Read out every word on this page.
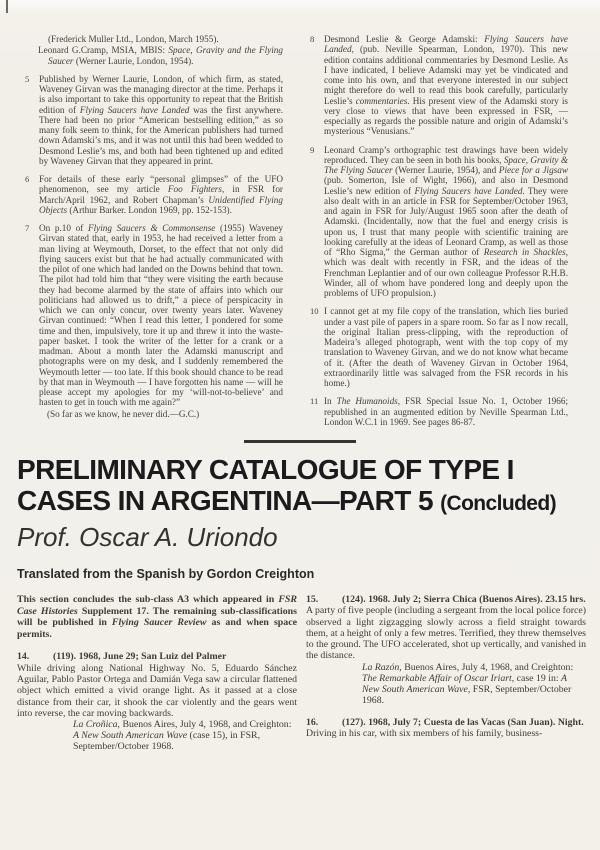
(Frederick Muller Ltd., London, March 1955).

Leonard G.Cramp, MSIA, MBIS: Space, Gravity and the Flying Saucer (Werner Laurie, London, 1954).

5 Published by Werner Laurie, London, of which firm, as stated, Waveney Girvan was the managing director at the time. Perhaps it is also important to take this opportunity to repeat that the British edition of Flying Saucers have Landed was the first anywhere. There had been no prior “American bestselling edition,” as so many folk seem to think, for the American publishers had turned down Adamski’s ms, and it was not until this had been wedded to Desmond Leslie’s ms, and both had been tightened up and edited by Waveney Girvan that they appeared in print.

6 For details of these early “personal glimpses” of the UFO phenomenon, see my article Foo Fighters, in FSR for March/April 1962, and Robert Chapman’s Unidentified Flying Objects (Arthur Barker. London 1969, pp. 152-153).

7 On p.10 of Flying Saucers & Commonsense (1955) Waveney Girvan stated that, early in 1953, he had received a letter from a man living at Weymouth, Dorset, to the effect that not only did flying saucers exist but that he had actually communicated with the pilot of one which had landed on the Downs behind that town. The pilot had told him that “they were visiting the earth because they had become alarmed by the state of affairs into which our politicians had allowed us to drift,” a piece of perspicacity in which we can only concur, over twenty years later. Waveney Girvan continued: “When I read this letter, I pondered for some time and then, impulsively, tore it up and threw it into the waste-paper basket. I took the writer of the letter for a crank or a madman. About a month later the Adamski manuscript and photographs were on my desk, and I suddenly remembered the Weymouth letter — too late. If this book should chance to be read by that man in Weymouth — I have forgotten his name — will he please accept my apologies for my ‘will-not-to-believe’ and hasten to get in touch with me again?”

(So far as we know, he never did.—G.C.)

8 Desmond Leslie & George Adamski: Flying Saucers have Landed, (pub. Neville Spearman, London, 1970). This new edition contains additional commentaries by Desmond Leslie. As I have indicated, I believe Adamski may yet be vindicated and come into his own, and that everyone interested in our subject might therefore do well to read this book carefully, particularly Leslie’s commentaries. His present view of the Adamski story is very close to views that have been expressed in FSR, — especially as regards the possible nature and origin of Adamski’s mysterious “Venusians.”

9 Leonard Cramp’s orthographic test drawings have been widely reproduced. They can be seen in both his books, Space, Gravity & The Flying Saucer (Werner Laurie, 1954), and Piece for a Jigsaw (pub. Somerton, Isle of Wight, 1966), and also in Desmond Leslie’s new edition of Flying Saucers have Landed. They were also dealt with in an article in FSR for September/October 1963, and again in FSR for July/August 1965 soon after the death of Adamski. (Incidentally, now that the fuel and energy crisis is upon us, I trust that many people with scientific training are looking carefully at the ideas of Leonard Cramp, as well as those of “Rho Sigma,” the German author of Research in Shackles, which was dealt with recently in FSR, and the ideas of the Frenchman Leplantier and of our own colleague Professor R.H.B. Winder, all of whom have pondered long and deeply upon the problems of UFO propulsion.)

10 I cannot get at my file copy of the translation, which lies buried under a vast pile of papers in a spare room. So far as I now recall, the original Italian press-clipping, with the reproduction of Madeira’s alleged photograph, went with the top copy of my translation to Waveney Girvan, and we do not know what became of it. (After the death of Waveney Girvan in October 1964, extraordinarily little was salvaged from the FSR records in his home.)

11 In The Humanoids, FSR Special Issue No. 1, October 1966; republished in an augmented edition by Neville Spearman Ltd., London W.C.1 in 1969. See pages 86-87.

PRELIMINARY CATALOGUE OF TYPE I
CASES IN ARGENTINA—PART 5 (Concluded)
Prof. Oscar A. Uriondo
Translated from the Spanish by Gordon Creighton

This section concludes the sub-class A3 which appeared in FSR Case Histories Supplement 17. The remaining sub-classifications will be published in Flying Saucer Review as and when space permits.

14. (119). 1968, June 29; San Luiz del Palmer

While driving along National Highway No. 5, Eduardo Sánchez Aguilar, Pablo Pastor Ortega and Damián Vega saw a circular flattened object which emitted a vivid orange light. As it passed at a close distance from their car, it shook the car violently and the gears went into reverse, the car moving backwards.

La Croñica, Buenos Aires, July 4, 1968, and Creighton: A New South American Wave (case 15), in FSR, September/October 1968.

15. (124). 1968. July 2; Sierra Chica (Buenos Aires). 23.15 hrs.

A party of five people (including a sergeant from the local police force) observed a light zigzagging slowly across a field straight towards them, at a height of only a few metres. Terrified, they threw themselves to the ground. The UFO accelerated, shot up vertically, and vanished in the distance.

La Razón, Buenos Aires, July 4, 1968, and Creighton: The Remarkable Affair of Oscar Iriart, case 19 in: A New South American Wave, FSR, September/October 1968.

16. (127). 1968, July 7; Cuesta de las Vacas (San Juan). Night.

Driving in his car, with six members of his family, business-
